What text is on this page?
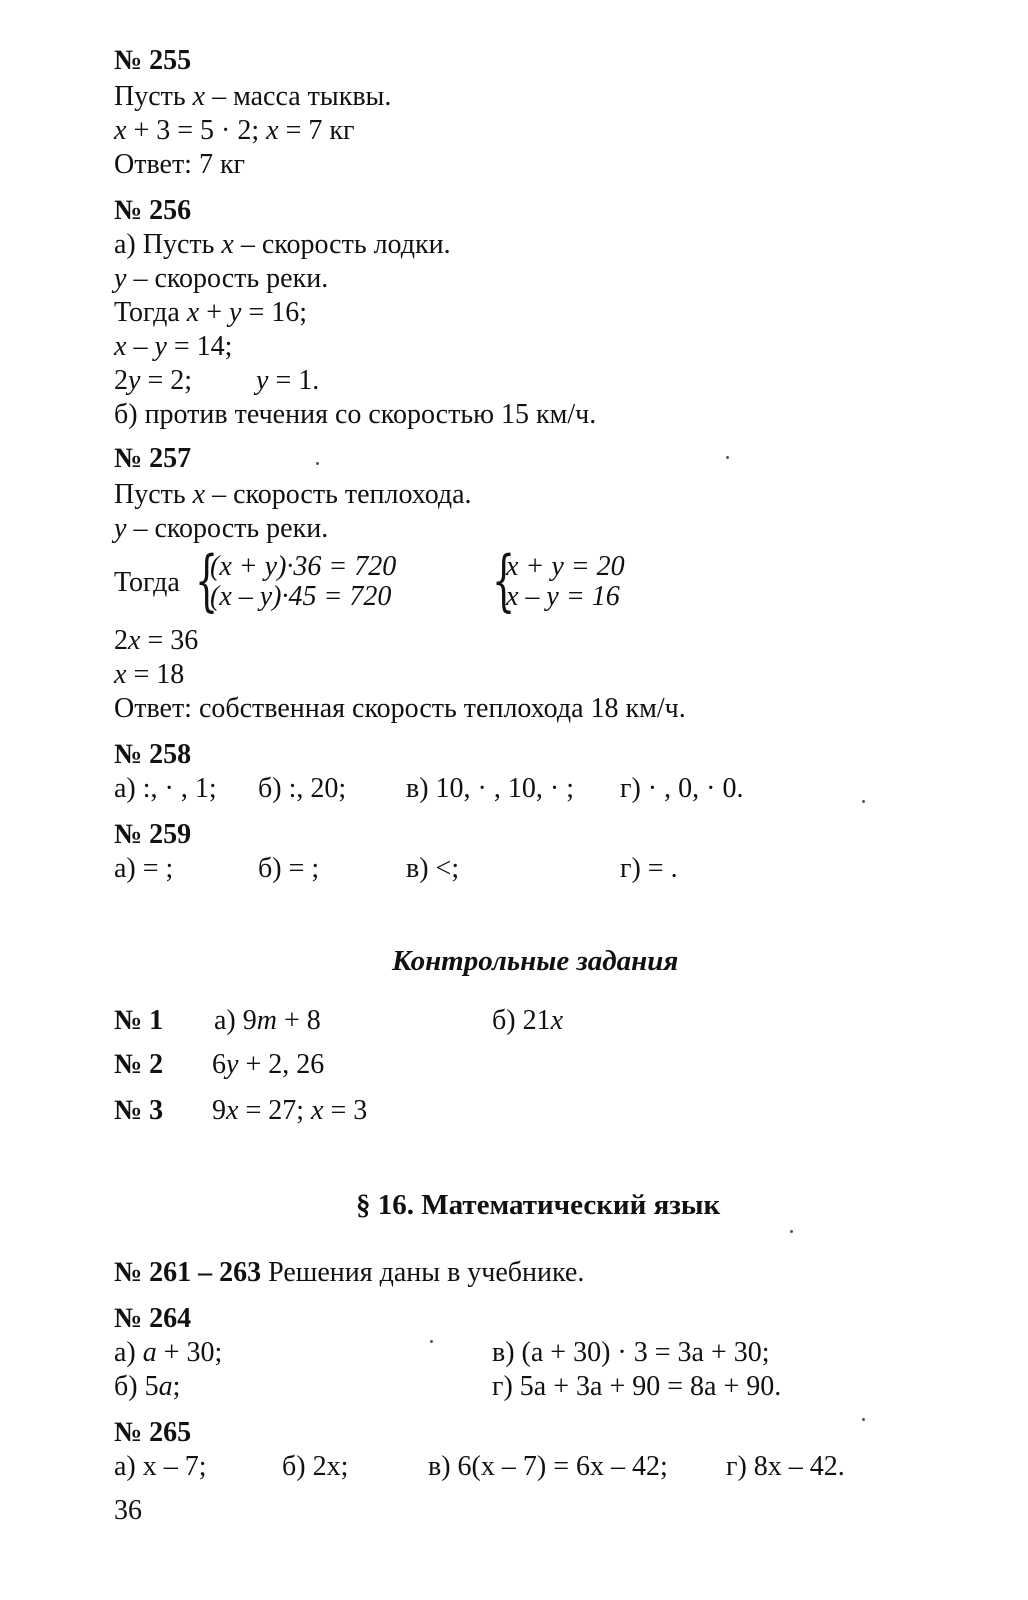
№ 255
Пусть x – масса тыквы.
x + 3 = 5 · 2; x = 7 кг
Ответ: 7 кг
№ 256
а) Пусть x – скорость лодки.
y – скорость реки.
Тогда x + y = 16;
x – y = 14;
2y = 2; y = 1.
б) против течения со скоростью 15 км/ч.
№ 257
Пусть x – скорость теплохода.
y – скорость реки.
Тогда {
(x + y)·36 = 720
(x – y)·45 = 720 {
x + y = 20
x – y = 16
2x = 36
x = 18
Ответ: собственная скорость теплохода 18 км/ч.
№ 258
а) :, · , 1; б) :, 20; в) 10, · , 10, · ; г) · , 0, · 0.
№ 259
а) = ;	б) = ;	в) <;	г) = .
Контрольные задания
№ 1 а) 9m + 8	б) 21x
№ 2 6y + 2, 26
№ 3 9x = 27; x = 3
§ 16. Математический язык
№ 261 – 263 Решения даны в учебнике.
№ 264
а) a + 30;	в) (a + 30) · 3 = 3a + 30;
б) 5a;	г) 5a + 3a + 90 = 8a + 90.
№ 265
а) x – 7;	б) 2x;	в) 6(x – 7) = 6x – 42; г) 8x – 42.
36
